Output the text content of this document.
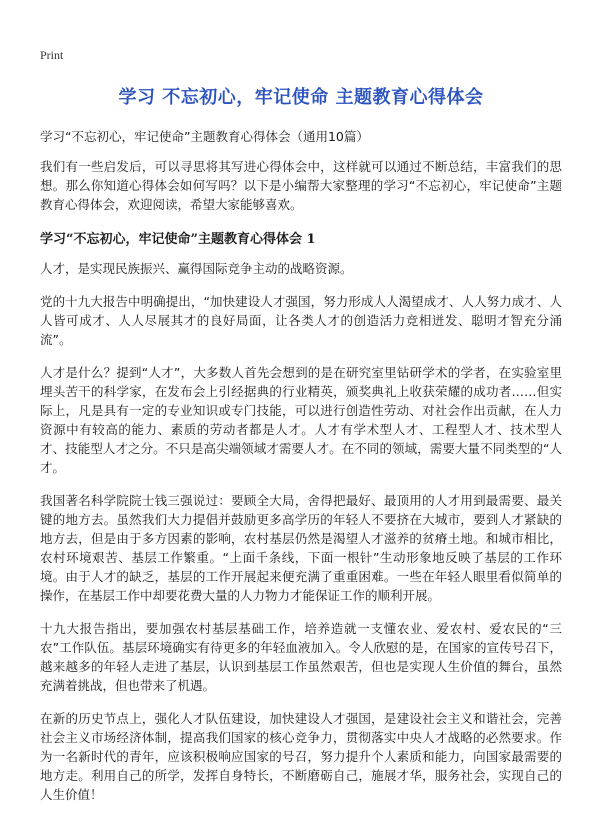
Print
学习 不忘初心，牢记使命 主题教育心得体会

学习“不忘初心，牢记使命”主题教育心得体会（通用10篇）

我们有一些启发后，可以寻思将其写进心得体会中，这样就可以通过不断总结，丰富我们的思想。那么你知道心得体会如何写吗？以下是小编帮大家整理的学习“不忘初心，牢记使命”主题教育心得体会，欢迎阅读，希望大家能够喜欢。

学习“不忘初心，牢记使命”主题教育心得体会 1

人才，是实现民族振兴、赢得国际竞争主动的战略资源。

党的十九大报告中明确提出，“加快建设人才强国，努力形成人人渴望成才、人人努力成才、人人皆可成才、人人尽展其才的良好局面，让各类人才的创造活力竞相迸发、聪明才智充分涌流”。

人才是什么？提到“人才”，大多数人首先会想到的是在研究室里钻研学术的学者，在实验室里埋头苦干的科学家，在发布会上引经据典的行业精英，颁奖典礼上收获荣耀的成功者……但实际上，凡是具有一定的专业知识或专门技能，可以进行创造性劳动、对社会作出贡献，在人力资源中有较高的能力、素质的劳动者都是人才。人才有学术型人才、工程型人才、技术型人才、技能型人才之分。不只是高尖端领域才需要人才。在不同的领域，需要大量不同类型的“人才。

我国著名科学院院士钱三强说过：要顾全大局，舍得把最好、最顶用的人才用到最需要、最关键的地方去。虽然我们大力提倡并鼓励更多高学历的年轻人不要挤在大城市，要到人才紧缺的地方去，但是由于多方因素的影响，农村基层仍然是渴望人才滋养的贫瘠土地。和城市相比，农村环境艰苦、基层工作繁重。“上面千条线，下面一根针”生动形象地反映了基层的工作环境。由于人才的缺乏，基层的工作开展起来便充满了重重困难。一些在年轻人眼里看似简单的操作，在基层工作中却要花费大量的人力物力才能保证工作的顺利开展。

十九大报告指出，要加强农村基层基础工作，培养造就一支懂农业、爱农村、爱农民的“三农”工作队伍。基层环境确实有待更多的年轻血液加入。令人欣慰的是，在国家的宣传号召下，越来越多的年轻人走进了基层，认识到基层工作虽然艰苦，但也是实现人生价值的舞台，虽然充满着挑战，但也带来了机遇。

在新的历史节点上，强化人才队伍建设，加快建设人才强国，是建设社会主义和谐社会，完善社会主义市场经济体制，提高我们国家的核心竞争力，贯彻落实中央人才战略的必然要求。作为一名新时代的青年，应该积极响应国家的号召，努力提升个人素质和能力，向国家最需要的地方走。利用自己的所学，发挥自身特长，不断磨砺自己，施展才华，服务社会，实现自己的人生价值！
